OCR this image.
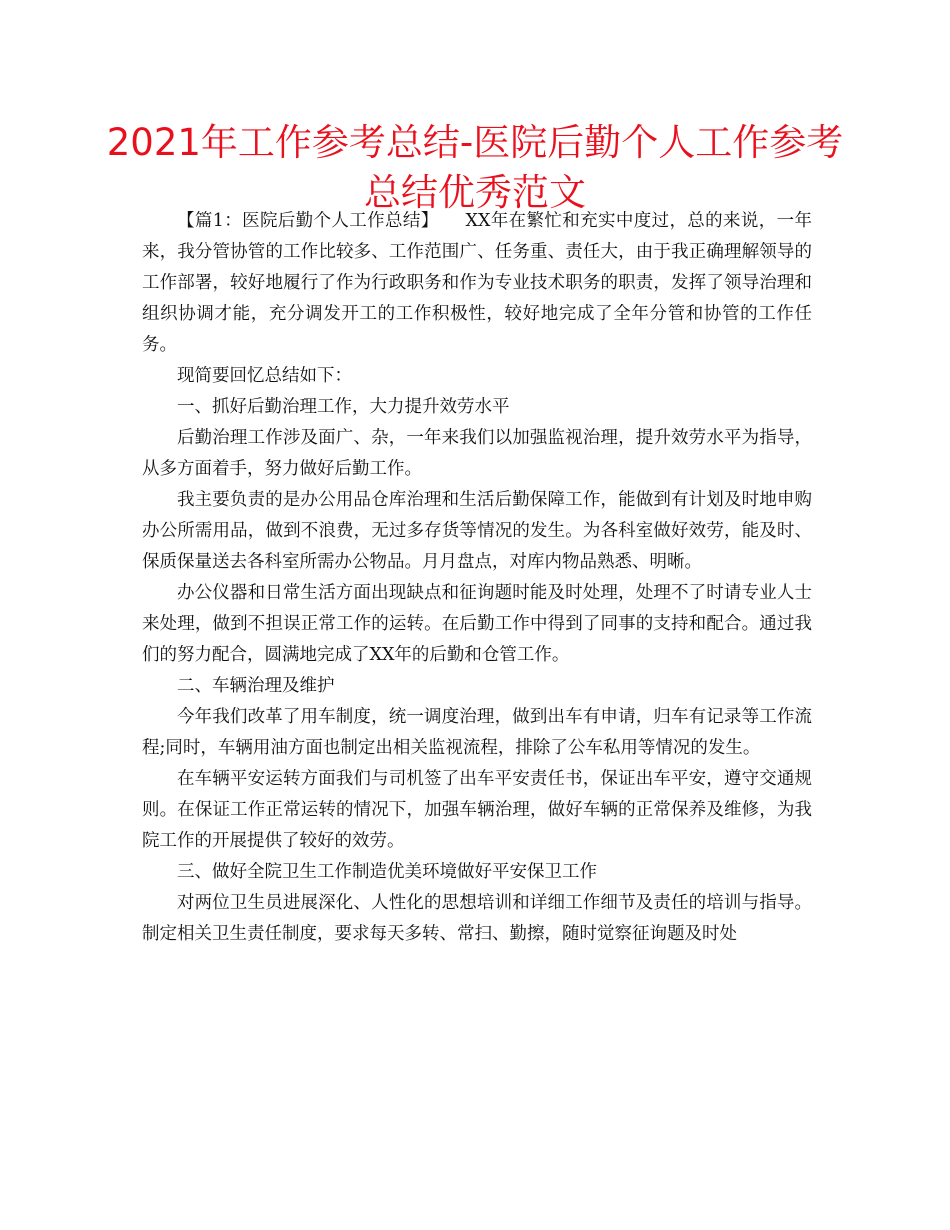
2021年工作参考总结-医院后勤个人工作参考总结优秀范文

【篇1：医院后勤个人工作总结】　　XX年在繁忙和充实中度过，总的来说，一年来，我分管协管的工作比较多、工作范围广、任务重、责任大，由于我正确理解领导的工作部署，较好地履行了作为行政职务和作为专业技术职务的职责，发挥了领导治理和组织协调才能，充分调发开工的工作积极性，较好地完成了全年分管和协管的工作任务。

现简要回忆总结如下：

一、抓好后勤治理工作，大力提升效劳水平

后勤治理工作涉及面广、杂，一年来我们以加强监视治理，提升效劳水平为指导，从多方面着手，努力做好后勤工作。

我主要负责的是办公用品仓库治理和生活后勤保障工作，能做到有计划及时地申购办公所需用品，做到不浪费，无过多存货等情况的发生。为各科室做好效劳，能及时、保质保量送去各科室所需办公物品。月月盘点，对库内物品熟悉、明晰。

办公仪器和日常生活方面出现缺点和征询题时能及时处理，处理不了时请专业人士来处理，做到不担误正常工作的运转。在后勤工作中得到了同事的支持和配合。通过我们的努力配合，圆满地完成了XX年的后勤和仓管工作。

二、车辆治理及维护

今年我们改革了用车制度，统一调度治理，做到出车有申请，归车有记录等工作流程;同时，车辆用油方面也制定出相关监视流程，排除了公车私用等情况的发生。

在车辆平安运转方面我们与司机签了出车平安责任书，保证出车平安，遵守交通规则。在保证工作正常运转的情况下，加强车辆治理，做好车辆的正常保养及维修，为我院工作的开展提供了较好的效劳。

三、做好全院卫生工作制造优美环境做好平安保卫工作

对两位卫生员进展深化、人性化的思想培训和详细工作细节及责任的培训与指导。制定相关卫生责任制度，要求每天多转、常扫、勤擦，随时觉察征询题及时处
